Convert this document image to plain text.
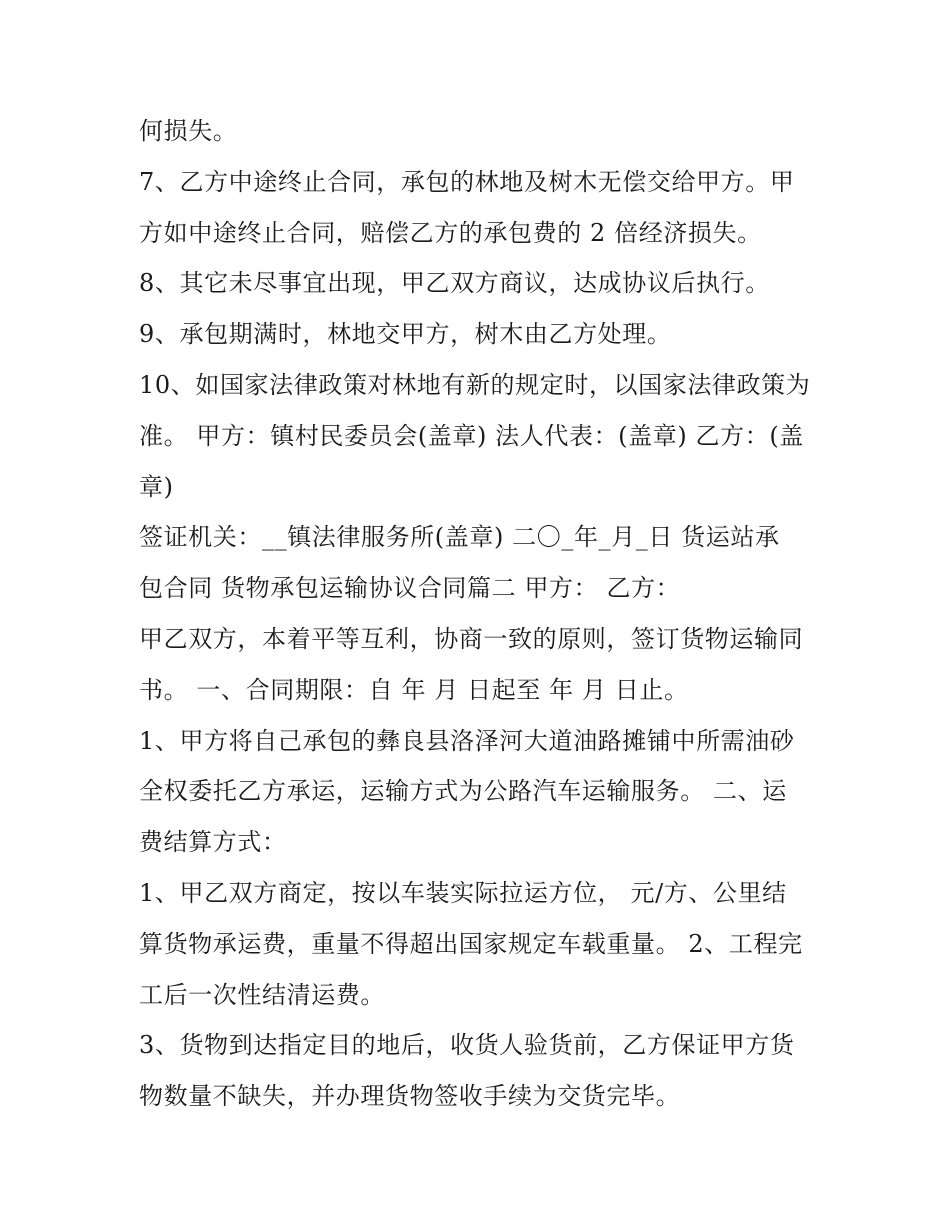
何损失。
7、乙方中途终止合同，承包的林地及树木无偿交给甲方。甲
方如中途终止合同，赔偿乙方的承包费的 2 倍经济损失。
8、其它未尽事宜出现，甲乙双方商议，达成协议后执行。
9、承包期满时，林地交甲方，树木由乙方处理。
10、如国家法律政策对林地有新的规定时，以国家法律政策为
准。 甲方：镇村民委员会(盖章) 法人代表：(盖章) 乙方：(盖
章)
签证机关：__镇法律服务所(盖章) 二〇_年_月_日 货运站承
包合同 货物承包运输协议合同篇二 甲方： 乙方：
甲乙双方，本着平等互利，协商一致的原则，签订货物运输同
书。 一、合同期限：自 年 月 日起至 年 月 日止。
1、甲方将自己承包的彝良县洛泽河大道油路摊铺中所需油砂
全权委托乙方承运，运输方式为公路汽车运输服务。 二、运
费结算方式：
1、甲乙双方商定，按以车装实际拉运方位， 元/方、公里结
算货物承运费，重量不得超出国家规定车载重量。 2、工程完
工后一次性结清运费。
3、货物到达指定目的地后，收货人验货前，乙方保证甲方货
物数量不缺失，并办理货物签收手续为交货完毕。
